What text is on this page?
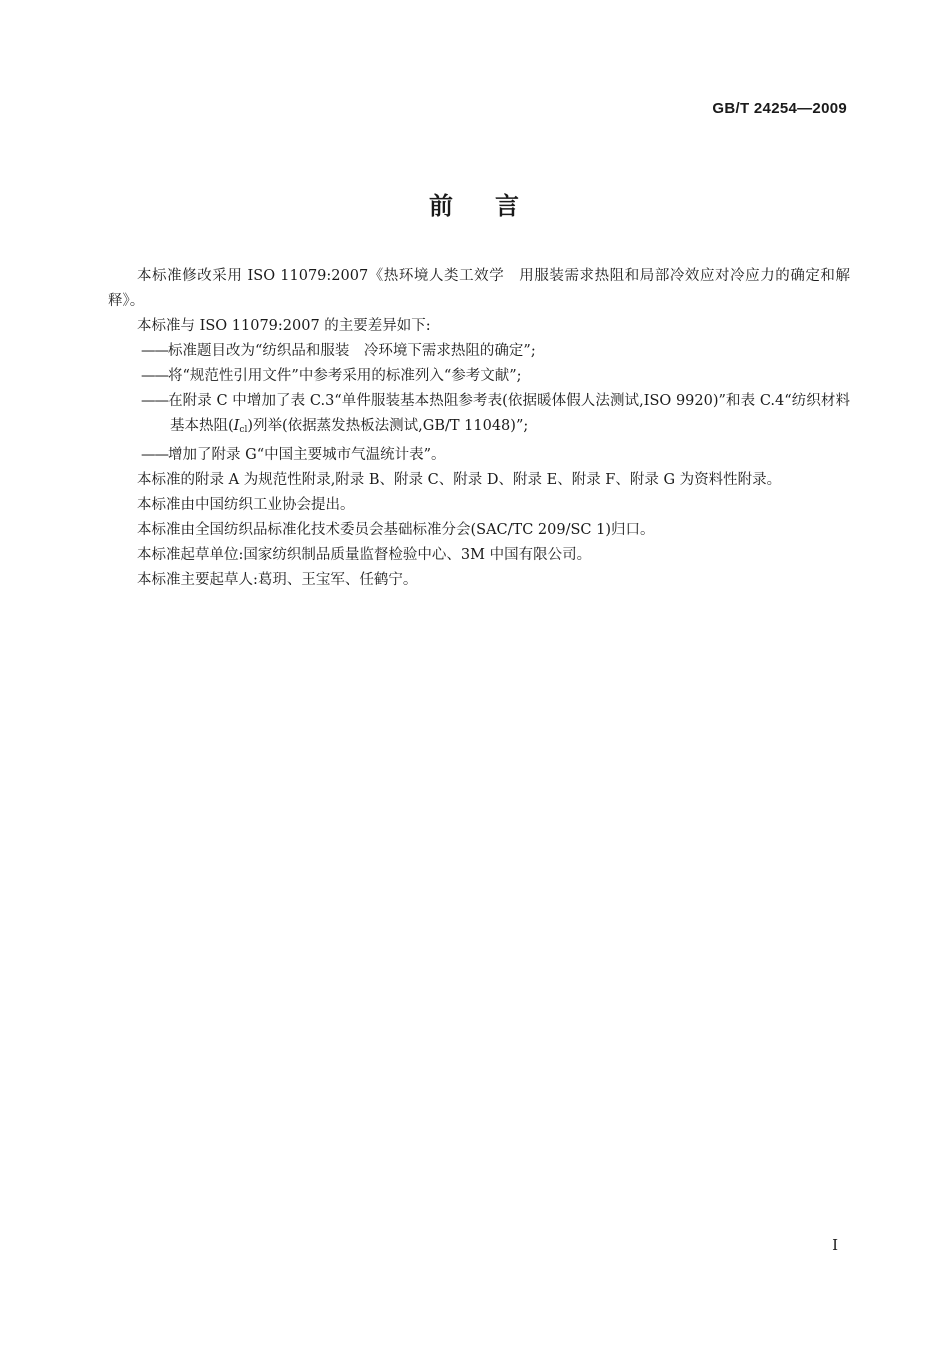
GB/T 24254—2009
前 言

本标准修改采用 ISO 11079:2007《热环境人类工效学　用服装需求热阻和局部冷效应对冷应力的确定和解释》。

本标准与 ISO 11079:2007 的主要差异如下:

——标准题目改为“纺织品和服装　冷环境下需求热阻的确定”;

——将“规范性引用文件”中参考采用的标准列入“参考文献”;

——在附录 C 中增加了表 C.3“单件服装基本热阻参考表(依据暖体假人法测试,ISO 9920)”和表 C.4“纺织材料基本热阻$(I_{cl})$列举(依据蒸发热板法测试,GB/T 11048)”;

——增加了附录 G“中国主要城市气温统计表”。

本标准的附录 A 为规范性附录,附录 B、附录 C、附录 D、附录 E、附录 F、附录 G 为资料性附录。

本标准由中国纺织工业协会提出。

本标准由全国纺织品标准化技术委员会基础标准分会(SAC/TC 209/SC 1)归口。

本标准起草单位:国家纺织制品质量监督检验中心、3M 中国有限公司。

本标准主要起草人:葛玥、王宝军、任鹤宁。

I
